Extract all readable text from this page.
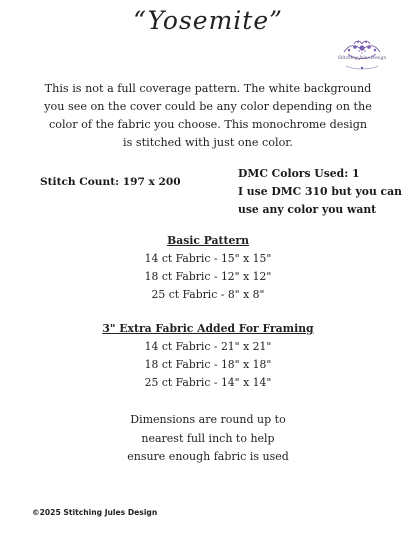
“Yosemite”
Stitching Jules Design
This is not a full coverage pattern. The white background
you see on the cover could be any color depending on the
color of the fabric you choose. This monochrome design
is stitched with just one color.
Stitch Count: 197 x 200
DMC Colors Used: 1
I use DMC 310 but you can
use any color you want
Basic Pattern
14 ct Fabric - 15" x 15"
18 ct Fabric - 12" x 12"
25 ct Fabric - 8" x 8"
3" Extra Fabric Added For Framing
14 ct Fabric - 21" x 21"
18 ct Fabric - 18" x 18"
25 ct Fabric - 14" x 14"
Dimensions are round up to
nearest full inch to help
ensure enough fabric is used
©2025 Stitching Jules Design
